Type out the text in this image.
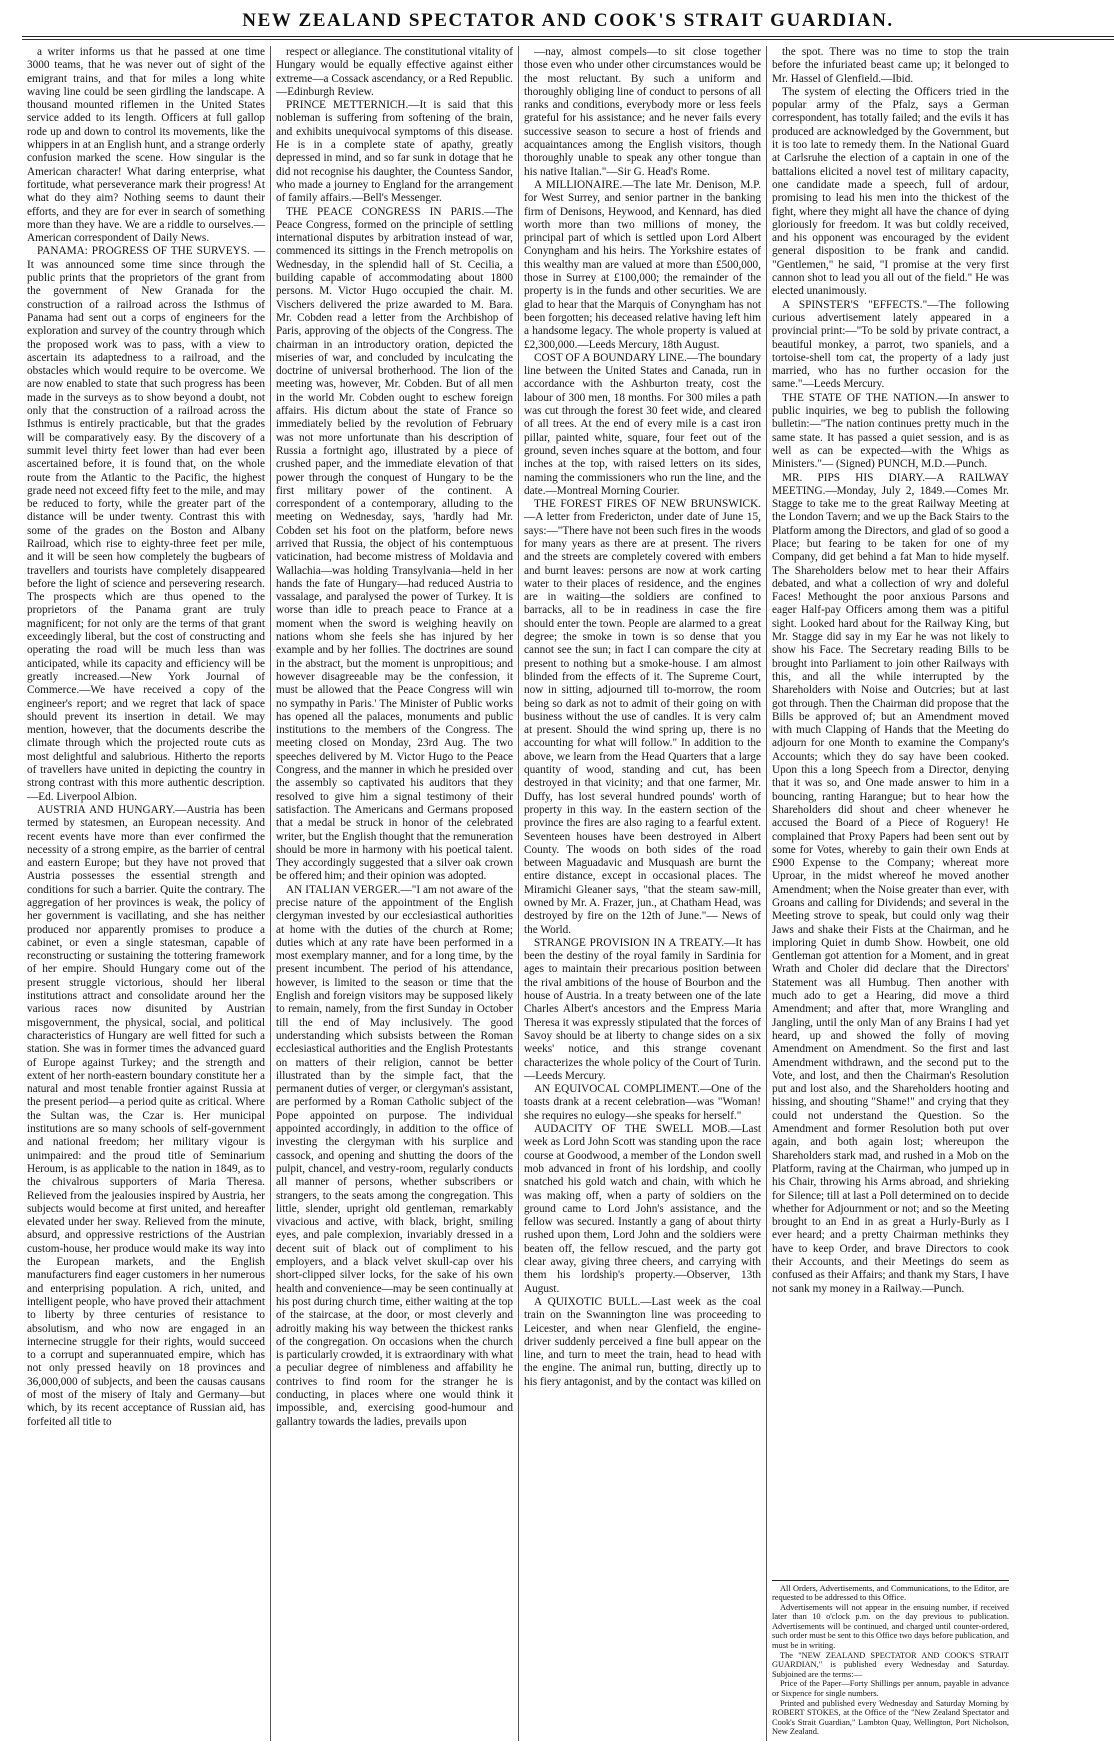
NEW ZEALAND SPECTATOR AND COOK'S STRAIT GUARDIAN.

a writer informs us that he passed at one time 3000 teams, that he was never out of sight of the emigrant trains, and that for miles a long white waving line could be seen girdling the landscape. A thousand mounted riflemen in the United States service added to its length. Officers at full gallop rode up and down to control its movements, like the whippers in at an English hunt, and a strange orderly confusion marked the scene. How singular is the American character! What daring enterprise, what fortitude, what perseverance mark their progress! At what do they aim? Nothing seems to daunt their efforts, and they are for ever in search of something more than they have. We are a riddle to ourselves.— American correspondent of Daily News.

PANAMA: PROGRESS OF THE SURVEYS. —It was announced some time since through the public prints that the proprietors of the grant from the government of New Granada for the construction of a railroad across the Isthmus of Panama had sent out a corps of engineers for the exploration and survey of the country through which the proposed work was to pass, with a view to ascertain its adaptedness to a railroad, and the obstacles which would require to be overcome. We are now enabled to state that such progress has been made in the surveys as to show beyond a doubt, not only that the construction of a railroad across the Isthmus is entirely practicable, but that the grades will be comparatively easy. By the discovery of a summit level thirty feet lower than had ever been ascertained before, it is found that, on the whole route from the Atlantic to the Pacific, the highest grade need not exceed fifty feet to the mile, and may be reduced to forty, while the greater part of the distance will be under twenty. Contrast this with some of the grades on the Boston and Albany Railroad, which rise to eighty-three feet per mile, and it will be seen how completely the bugbears of travellers and tourists have completely disappeared before the light of science and persevering research. The prospects which are thus opened to the proprietors of the Panama grant are truly magnificent; for not only are the terms of that grant exceedingly liberal, but the cost of constructing and operating the road will be much less than was anticipated, while its capacity and efficiency will be greatly increased.—New York Journal of Commerce.—We have received a copy of the engineer's report; and we regret that lack of space should prevent its insertion in detail. We may mention, however, that the documents describe the climate through which the projected route cuts as most delightful and salubrious. Hitherto the reports of travellers have united in depicting the country in strong contrast with this more authentic description.—Ed. Liverpool Albion.

AUSTRIA AND HUNGARY.—Austria has been termed by statesmen, an European necessity. And recent events have more than ever confirmed the necessity of a strong empire, as the barrier of central and eastern Europe; but they have not proved that Austria possesses the essential strength and conditions for such a barrier. Quite the contrary. The aggregation of her provinces is weak, the policy of her government is vacillating, and she has neither produced nor apparently promises to produce a cabinet, or even a single statesman, capable of reconstructing or sustaining the tottering framework of her empire. Should Hungary come out of the present struggle victorious, should her liberal institutions attract and consolidate around her the various races now disunited by Austrian misgovernment, the physical, social, and political characteristics of Hungary are well fitted for such a station. She was in former times the advanced guard of Europe against Turkey; and the strength and extent of her north-eastern boundary constitute her a natural and most tenable frontier against Russia at the present period—a period quite as critical. Where the Sultan was, the Czar is. Her municipal institutions are so many schools of self-government and national freedom; her military vigour is unimpaired: and the proud title of Seminarium Heroum, is as applicable to the nation in 1849, as to the chivalrous supporters of Maria Theresa. Relieved from the jealousies inspired by Austria, her subjects would become at first united, and hereafter elevated under her sway. Relieved from the minute, absurd, and oppressive restrictions of the Austrian custom-house, her produce would make its way into the European markets, and the English manufacturers find eager customers in her numerous and enterprising population. A rich, united, and intelligent people, who have proved their attachment to liberty by three centuries of resistance to absolutism, and who now are engaged in an internecine struggle for their rights, would succeed to a corrupt and superannuated empire, which has not only pressed heavily on 18 provinces and 36,000,000 of subjects, and been the causas causans of most of the misery of Italy and Germany—but which, by its recent acceptance of Russian aid, has forfeited all title to

respect or allegiance. The constitutional vitality of Hungary would be equally effective against either extreme—a Cossack ascendancy, or a Red Republic.—Edinburgh Review.

PRINCE METTERNICH.—It is said that this nobleman is suffering from softening of the brain, and exhibits unequivocal symptoms of this disease. He is in a complete state of apathy, greatly depressed in mind, and so far sunk in dotage that he did not recognise his daughter, the Countess Sandor, who made a journey to England for the arrangement of family affairs.—Bell's Messenger.

THE PEACE CONGRESS IN PARIS.—The Peace Congress, formed on the principle of settling international disputes by arbitration instead of war, commenced its sittings in the French metropolis on Wednesday, in the splendid hall of St. Cecilia, a building capable of accommodating about 1800 persons. M. Victor Hugo occupied the chair. M. Vischers delivered the prize awarded to M. Bara. Mr. Cobden read a letter from the Archbishop of Paris, approving of the objects of the Congress. The chairman in an introductory oration, depicted the miseries of war, and concluded by inculcating the doctrine of universal brotherhood. The lion of the meeting was, however, Mr. Cobden. But of all men in the world Mr. Cobden ought to eschew foreign affairs. His dictum about the state of France so immediately belied by the revolution of February was not more unfortunate than his description of Russia a fortnight ago, illustrated by a piece of crushed paper, and the immediate elevation of that power through the conquest of Hungary to be the first military power of the continent. A correspondent of a contemporary, alluding to the meeting on Wednesday, says, 'hardly had Mr. Cobden set his foot on the platform, before news arrived that Russia, the object of his contemptuous vaticination, had become mistress of Moldavia and Wallachia—was holding Transylvania—held in her hands the fate of Hungary—had reduced Austria to vassalage, and paralysed the power of Turkey. It is worse than idle to preach peace to France at a moment when the sword is weighing heavily on nations whom she feels she has injured by her example and by her follies. The doctrines are sound in the abstract, but the moment is unpropitious; and however disagreeable may be the confession, it must be allowed that the Peace Congress will win no sympathy in Paris.' The Minister of Public works has opened all the palaces, monuments and public institutions to the members of the Congress. The meeting closed on Monday, 23rd Aug. The two speeches delivered by M. Victor Hugo to the Peace Congress, and the manner in which he presided over the assembly so captivated his auditors that they resolved to give him a signal testimony of their satisfaction. The Americans and Germans proposed that a medal be struck in honor of the celebrated writer, but the English thought that the remuneration should be more in harmony with his poetical talent. They accordingly suggested that a silver oak crown be offered him; and their opinion was adopted.

AN ITALIAN VERGER.—"I am not aware of the precise nature of the appointment of the English clergyman invested by our ecclesiastical authorities at home with the duties of the church at Rome; duties which at any rate have been performed in a most exemplary manner, and for a long time, by the present incumbent. The period of his attendance, however, is limited to the season or time that the English and foreign visitors may be supposed likely to remain, namely, from the first Sunday in October till the end of May inclusively. The good understanding which subsists between the Roman ecclesiastical authorities and the English Protestants on matters of their religion, cannot be better illustrated than by the simple fact, that the permanent duties of verger, or clergyman's assistant, are performed by a Roman Catholic subject of the Pope appointed on purpose. The individual appointed accordingly, in addition to the office of investing the clergyman with his surplice and cassock, and opening and shutting the doors of the pulpit, chancel, and vestry-room, regularly conducts all manner of persons, whether subscribers or strangers, to the seats among the congregation. This little, slender, upright old gentleman, remarkably vivacious and active, with black, bright, smiling eyes, and pale complexion, invariably dressed in a decent suit of black out of compliment to his employers, and a black velvet skull-cap over his short-clipped silver locks, for the sake of his own health and convenience—may be seen continually at his post during church time, either waiting at the top of the staircase, at the door, or most cleverly and adroitly making his way between the thickest ranks of the congregation. On occasions when the church is particularly crowded, it is extraordinary with what a peculiar degree of nimbleness and affability he contrives to find room for the stranger he is conducting, in places where one would think it impossible, and, exercising good-humour and gallantry towards the ladies, prevails upon

—nay, almost compels—to sit close together those even who under other circumstances would be the most reluctant. By such a uniform and thoroughly obliging line of conduct to persons of all ranks and conditions, everybody more or less feels grateful for his assistance; and he never fails every successive season to secure a host of friends and acquaintances among the English visitors, though thoroughly unable to speak any other tongue than his native Italian."—Sir G. Head's Rome.

A MILLIONAIRE.—The late Mr. Denison, M.P. for West Surrey, and senior partner in the banking firm of Denisons, Heywood, and Kennard, has died worth more than two millions of money, the principal part of which is settled upon Lord Albert Conyngham and his heirs. The Yorkshire estates of this wealthy man are valued at more than £500,000, those in Surrey at £100,000; the remainder of the property is in the funds and other securities. We are glad to hear that the Marquis of Conyngham has not been forgotten; his deceased relative having left him a handsome legacy. The whole property is valued at £2,300,000.—Leeds Mercury, 18th August.

COST OF A BOUNDARY LINE.—The boundary line between the United States and Canada, run in accordance with the Ashburton treaty, cost the labour of 300 men, 18 months. For 300 miles a path was cut through the forest 30 feet wide, and cleared of all trees. At the end of every mile is a cast iron pillar, painted white, square, four feet out of the ground, seven inches square at the bottom, and four inches at the top, with raised letters on its sides, naming the commissioners who run the line, and the date.—Montreal Morning Courier.

THE FOREST FIRES OF NEW BRUNSWICK. —A letter from Fredericton, under date of June 15, says:—"There have not been such fires in the woods for many years as there are at present. The rivers and the streets are completely covered with embers and burnt leaves: persons are now at work carting water to their places of residence, and the engines are in waiting—the soldiers are confined to barracks, all to be in readiness in case the fire should enter the town. People are alarmed to a great degree; the smoke in town is so dense that you cannot see the sun; in fact I can compare the city at present to nothing but a smoke-house. I am almost blinded from the effects of it. The Supreme Court, now in sitting, adjourned till to-morrow, the room being so dark as not to admit of their going on with business without the use of candles. It is very calm at present. Should the wind spring up, there is no accounting for what will follow." In addition to the above, we learn from the Head Quarters that a large quantity of wood, standing and cut, has been destroyed in that vicinity; and that one farmer, Mr. Duffy, has lost several hundred pounds' worth of property in this way. In the eastern section of the province the fires are also raging to a fearful extent. Seventeen houses have been destroyed in Albert County. The woods on both sides of the road between Maguadavic and Musquash are burnt the entire distance, except in occasional places. The Miramichi Gleaner says, "that the steam saw-mill, owned by Mr. A. Frazer, jun., at Chatham Head, was destroyed by fire on the 12th of June."— News of the World.

STRANGE PROVISION IN A TREATY.—It has been the destiny of the royal family in Sardinia for ages to maintain their precarious position between the rival ambitions of the house of Bourbon and the house of Austria. In a treaty between one of the late Charles Albert's ancestors and the Empress Maria Theresa it was expressly stipulated that the forces of Savoy should be at liberty to change sides on a six weeks' notice, and this strange covenant characterizes the whole policy of the Court of Turin.—Leeds Mercury.

AN EQUIVOCAL COMPLIMENT.—One of the toasts drank at a recent celebration—was "Woman! she requires no eulogy—she speaks for herself."

AUDACITY OF THE SWELL MOB.—Last week as Lord John Scott was standing upon the race course at Goodwood, a member of the London swell mob advanced in front of his lordship, and coolly snatched his gold watch and chain, with which he was making off, when a party of soldiers on the ground came to Lord John's assistance, and the fellow was secured. Instantly a gang of about thirty rushed upon them, Lord John and the soldiers were beaten off, the fellow rescued, and the party got clear away, giving three cheers, and carrying with them his lordship's property.—Observer, 13th August.

A QUIXOTIC BULL.—Last week as the coal train on the Swannington line was proceeding to Leicester, and when near Glenfield, the engine-driver suddenly perceived a fine bull appear on the line, and turn to meet the train, head to head with the engine. The animal run, butting, directly up to his fiery antagonist, and by the contact was killed on

the spot. There was no time to stop the train before the infuriated beast came up; it belonged to Mr. Hassel of Glenfield.—Ibid.

The system of electing the Officers tried in the popular army of the Pfalz, says a German correspondent, has totally failed; and the evils it has produced are acknowledged by the Government, but it is too late to remedy them. In the National Guard at Carlsruhe the election of a captain in one of the battalions elicited a novel test of military capacity, one candidate made a speech, full of ardour, promising to lead his men into the thickest of the fight, where they might all have the chance of dying gloriously for freedom. It was but coldly received, and his opponent was encouraged by the evident general disposition to be frank and candid. "Gentlemen," he said, "I promise at the very first cannon shot to lead you all out of the field." He was elected unanimously.

A SPINSTER'S "EFFECTS."—The following curious advertisement lately appeared in a provincial print:—"To be sold by private contract, a beautiful monkey, a parrot, two spaniels, and a tortoise-shell tom cat, the property of a lady just married, who has no further occasion for the same."—Leeds Mercury.

THE STATE OF THE NATION.—In answer to public inquiries, we beg to publish the following bulletin:—"The nation continues pretty much in the same state. It has passed a quiet session, and is as well as can be expected—with the Whigs as Ministers."— (Signed) PUNCH, M.D.—Punch.

MR. PIPS HIS DIARY.—A RAILWAY MEETING.—Monday, July 2, 1849.—Comes Mr. Stagge to take me to the great Railway Meeting at the London Tavern; and we up the Back Stairs to the Platform among the Directors, and glad of so good a Place; but fearing to be taken for one of my Company, did get behind a fat Man to hide myself. The Shareholders below met to hear their Affairs debated, and what a collection of wry and doleful Faces! Methought the poor anxious Parsons and eager Half-pay Officers among them was a pitiful sight. Looked hard about for the Railway King, but Mr. Stagge did say in my Ear he was not likely to show his Face. The Secretary reading Bills to be brought into Parliament to join other Railways with this, and all the while interrupted by the Shareholders with Noise and Outcries; but at last got through. Then the Chairman did propose that the Bills be approved of; but an Amendment moved with much Clapping of Hands that the Meeting do adjourn for one Month to examine the Company's Accounts; which they do say have been cooked. Upon this a long Speech from a Director, denying that it was so, and One made answer to him in a bouncing, ranting Harangue; but to hear how the Shareholders did shout and cheer whenever he accused the Board of a Piece of Roguery! He complained that Proxy Papers had been sent out by some for Votes, whereby to gain their own Ends at £900 Expense to the Company; whereat more Uproar, in the midst whereof he moved another Amendment; when the Noise greater than ever, with Groans and calling for Dividends; and several in the Meeting strove to speak, but could only wag their Jaws and shake their Fists at the Chairman, and he imploring Quiet in dumb Show. Howbeit, one old Gentleman got attention for a Moment, and in great Wrath and Choler did declare that the Directors' Statement was all Humbug. Then another with much ado to get a Hearing, did move a third Amendment; and after that, more Wrangling and Jangling, until the only Man of any Brains I had yet heard, up and showed the folly of moving Amendment on Amendment. So the first and last Amendment withdrawn, and the second put to the Vote, and lost, and then the Chairman's Resolution put and lost also, and the Shareholders hooting and hissing, and shouting "Shame!" and crying that they could not understand the Question. So the Amendment and former Resolution both put over again, and both again lost; whereupon the Shareholders stark mad, and rushed in a Mob on the Platform, raving at the Chairman, who jumped up in his Chair, throwing his Arms abroad, and shrieking for Silence; till at last a Poll determined on to decide whether for Adjournment or not; and so the Meeting brought to an End in as great a Hurly-Burly as I ever heard; and a pretty Chairman methinks they have to keep Order, and brave Directors to cook their Accounts, and their Meetings do seem as confused as their Affairs; and thank my Stars, I have not sank my money in a Railway.—Punch.

All Orders, Advertisements, and Communications, to the Editor, are requested to be addressed to this Office.

Advertisements will not appear in the ensuing number, if received later than 10 o'clock p.m. on the day previous to publication. Advertisements will be continued, and charged until counter-ordered, such order must be sent to this Office two days before publication, and must be in writing.

The "NEW ZEALAND SPECTATOR AND COOK'S STRAIT GUARDIAN," is published every Wednesday and Saturday. Subjoined are the terms:—

Price of the Paper—Forty Shillings per annum, payable in advance or Sixpence for single numbers.

Printed and published every Wednesday and Saturday Morning by ROBERT STOKES, at the Office of the "New Zealand Spectator and Cook's Strait Guardian," Lambton Quay, Wellington, Port Nicholson, New Zealand.
